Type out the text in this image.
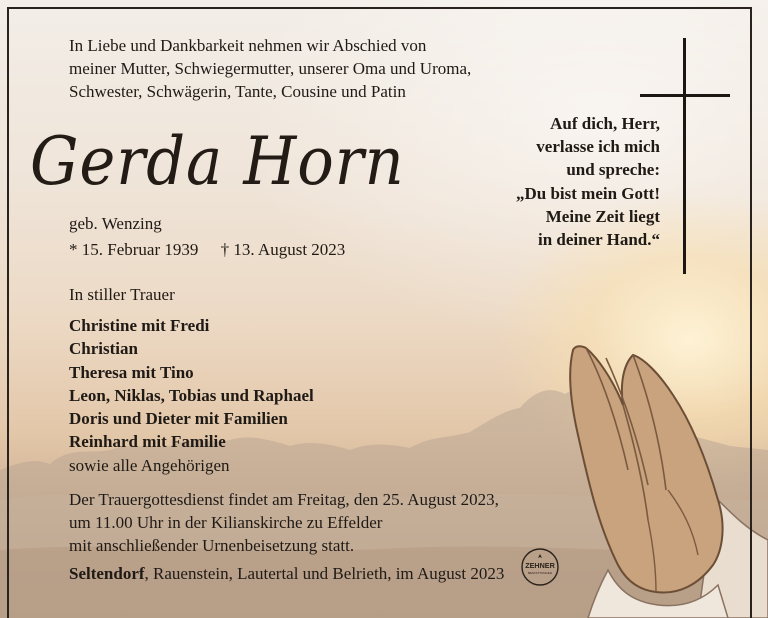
In Liebe und Dankbarkeit nehmen wir Abschied von
meiner Mutter, Schwiegermutter, unserer Oma und Uroma,
Schwester, Schwägerin, Tante, Cousine und Patin
Gerda Horn
geb. Wenzing
* 15. Februar 1939 † 13. August 2023
Auf dich, Herr,
verlasse ich mich
und spreche:
„Du bist mein Gott!
Meine Zeit liegt
in deiner Hand.“
In stiller Trauer
Christine mit Fredi
Christian
Theresa mit Tino
Leon, Niklas, Tobias und Raphael
Doris und Dieter mit Familien
Reinhard mit Familie
sowie alle Angehörigen
Der Trauergottesdienst findet am Freitag, den 25. August 2023,
um 11.00 Uhr in der Kilianskirche zu Effelder
mit anschließender Urnenbeisetzung statt.
Seltendorf, Rauenstein, Lautertal und Belrieth, im August 2023	ZEHNER
BESTATTUNGEN
